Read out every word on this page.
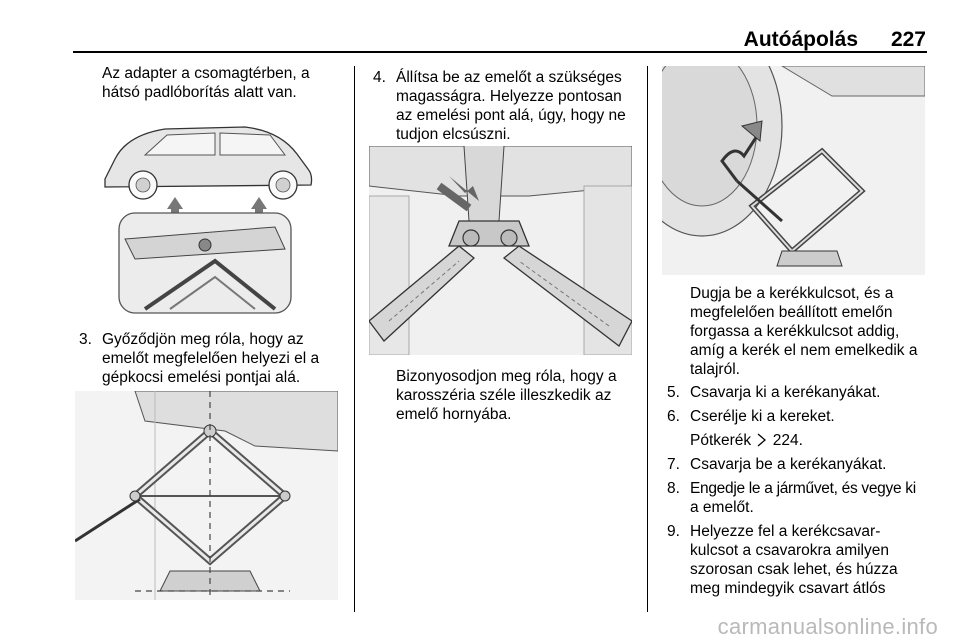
Autóápolás 227
Az adapter a csomagtérben, a
hátsó padlóborítás alatt van.
3. Győződjön meg róla, hogy az
emelőt megfelelően helyezi el a
gépkocsi emelési pontjai alá.
4. Állítsa be az emelőt a szükséges
magasságra. Helyezze pontosan
az emelési pont alá, úgy, hogy ne
tudjon elcsúszni.
Bizonyosodjon meg róla, hogy a
karosszéria széle illeszkedik az
emelő hornyába.
Dugja be a kerékkulcsot, és a
megfelelően beállított emelőn
forgassa a kerékkulcsot addig,
amíg a kerék el nem emelkedik a
talajról.
5. Csavarja ki a kerékanyákat.
6. Cserélje ki a kereket.
Pótkerék 224.
7. Csavarja be a kerékanyákat.
8. Engedje le a járművet, és vegye ki
a emelőt.
9. Helyezze fel a kerékcsavar-
kulcsot a csavarokra amilyen
szorosan csak lehet, és húzza
meg mindegyik csavart átlós
carmanualsonline.info
